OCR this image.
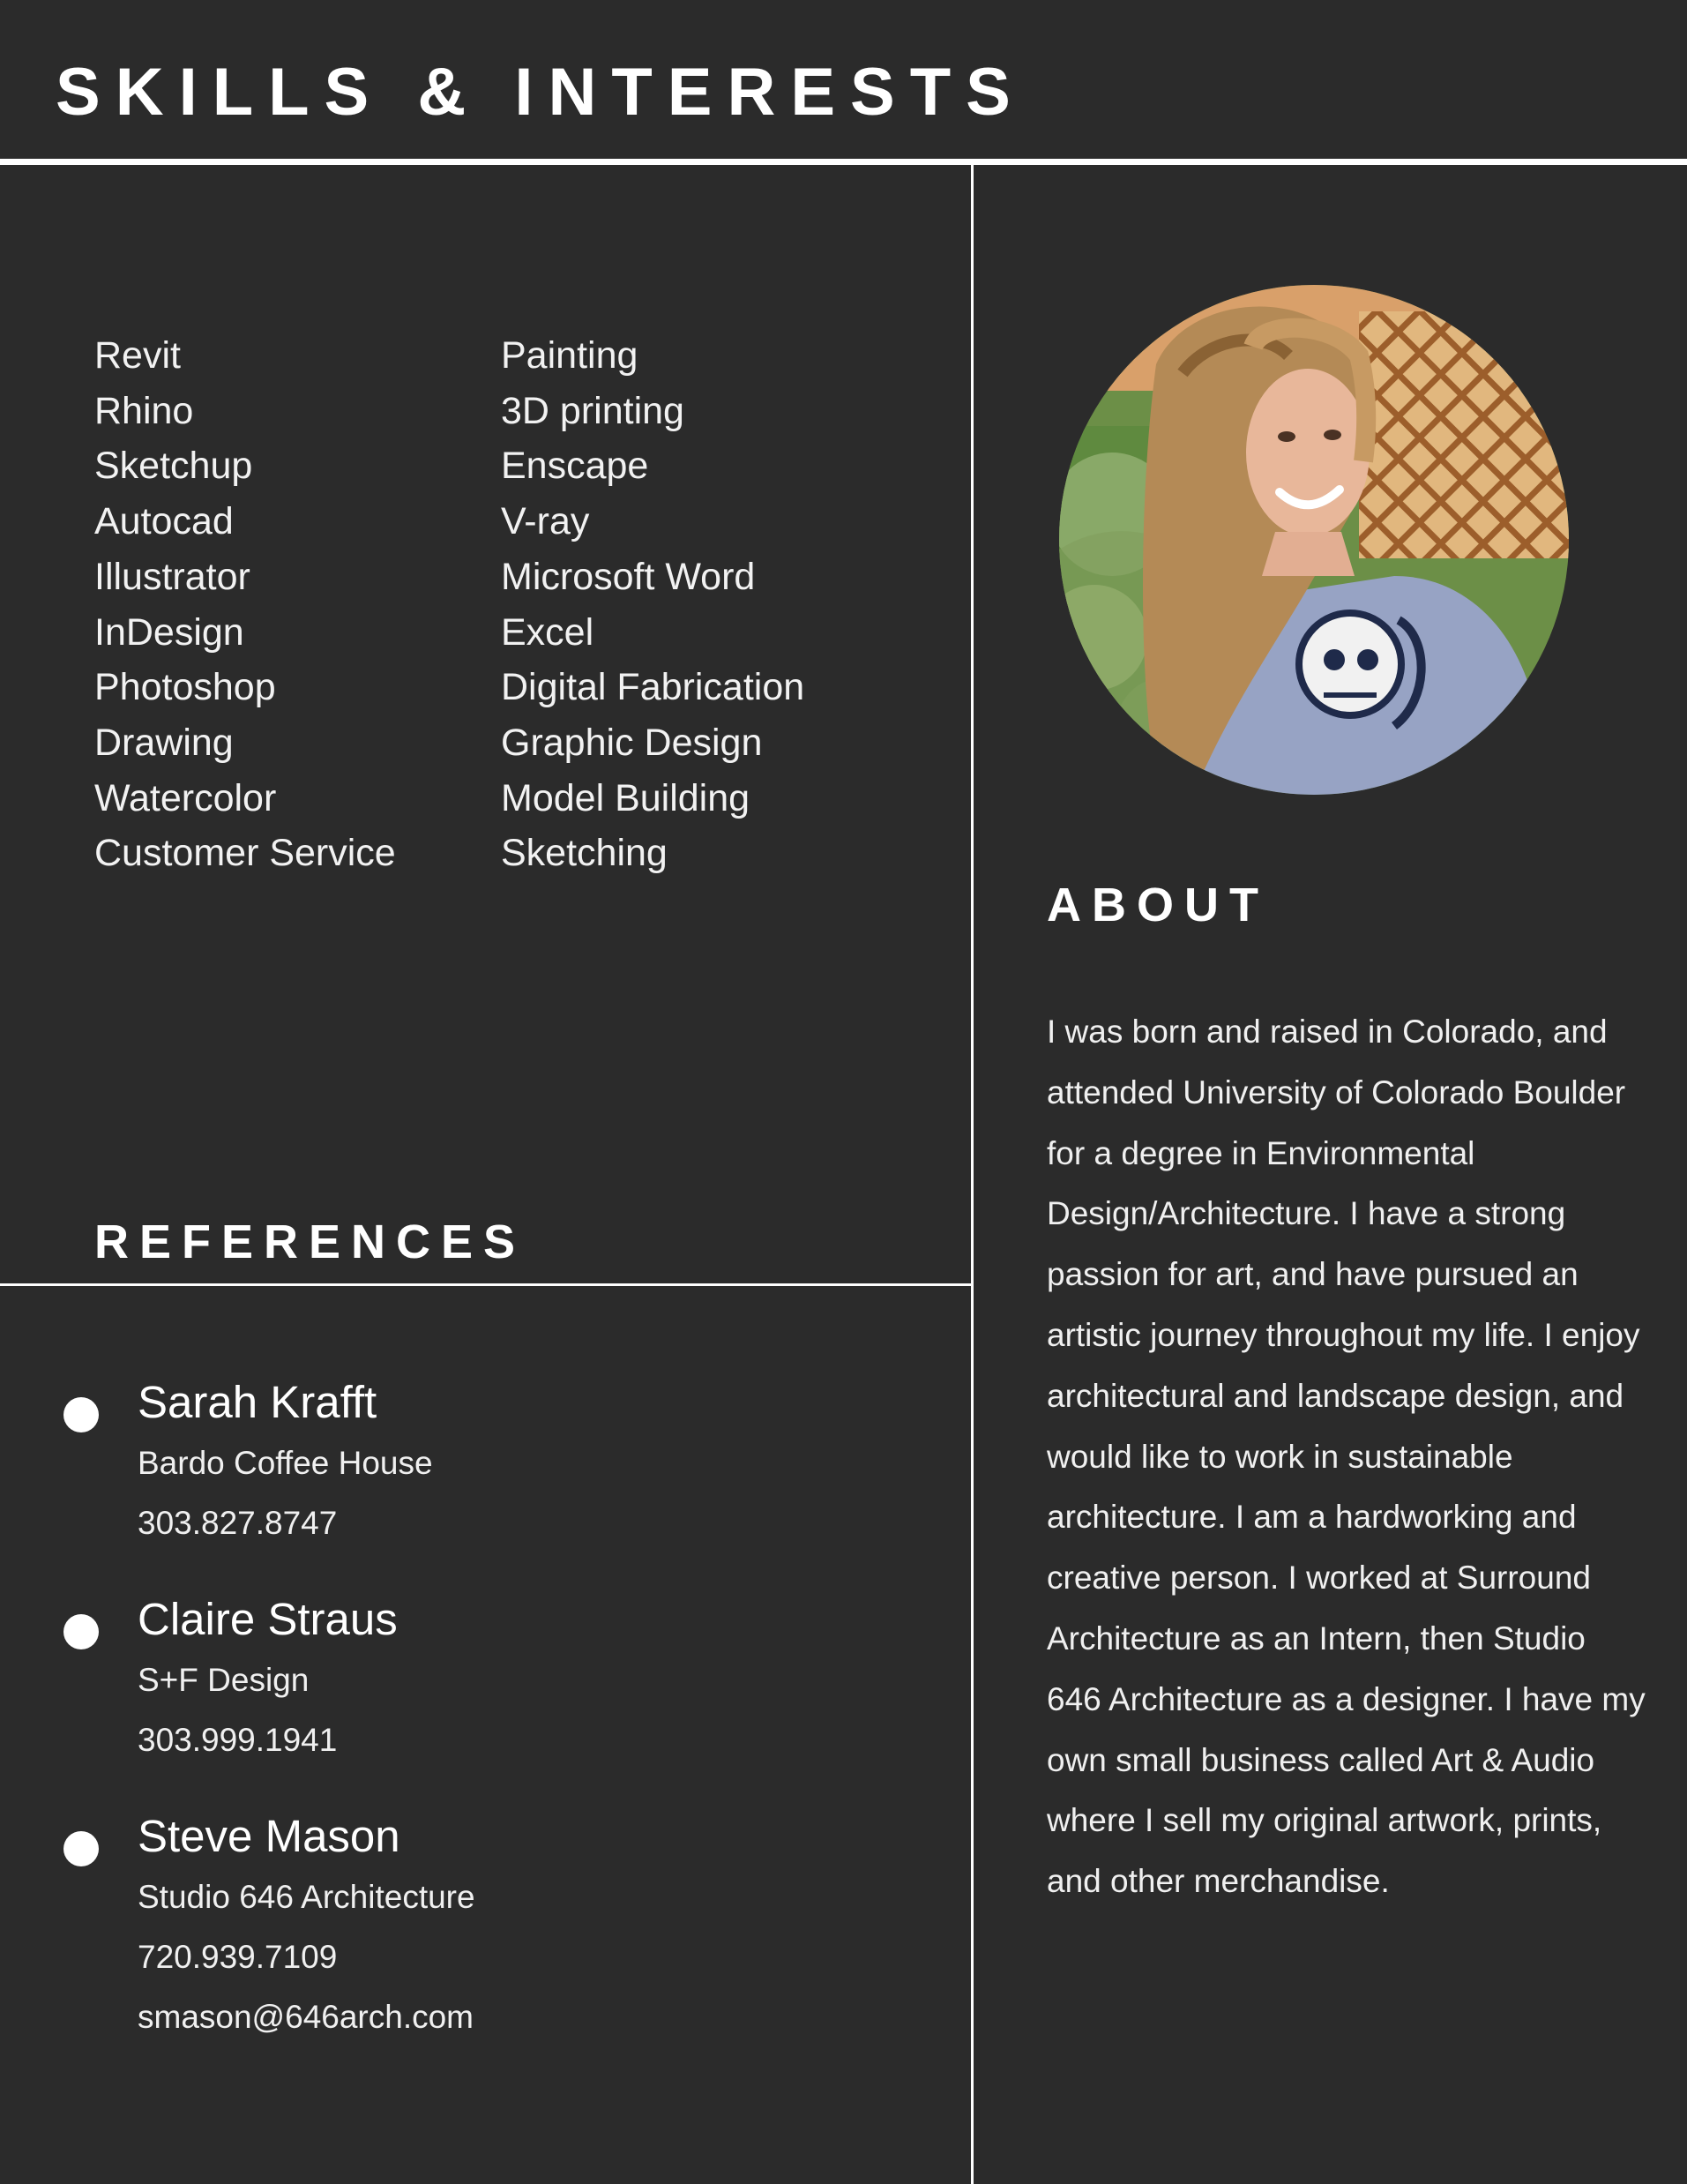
SKILLS & INTERESTS
Revit
Rhino
Sketchup
Autocad
Illustrator
InDesign
Photoshop
Drawing
Watercolor
Customer Service
Painting
3D printing
Enscape
V-ray
Microsoft Word
Excel
Digital Fabrication
Graphic Design
Model Building
Sketching
REFERENCES
Sarah Krafft
Bardo Coffee House
303.827.8747
Claire Straus
S+F Design
303.999.1941
Steve Mason
Studio 646 Architecture
720.939.7109
smason@646arch.com
ABOUT

I was born and raised in Colorado, and attended University of Colorado Boulder for a degree in Environmental Design/Architecture. I have a strong passion for art, and have pursued an artistic journey throughout my life. I enjoy architectural and landscape design, and would like to work in sustainable architecture. I am a hardworking and creative person. I worked at Surround Architecture as an Intern, then Studio 646 Architecture as a designer. I have my own small business called Art & Audio where I sell my original artwork, prints, and other merchandise.
